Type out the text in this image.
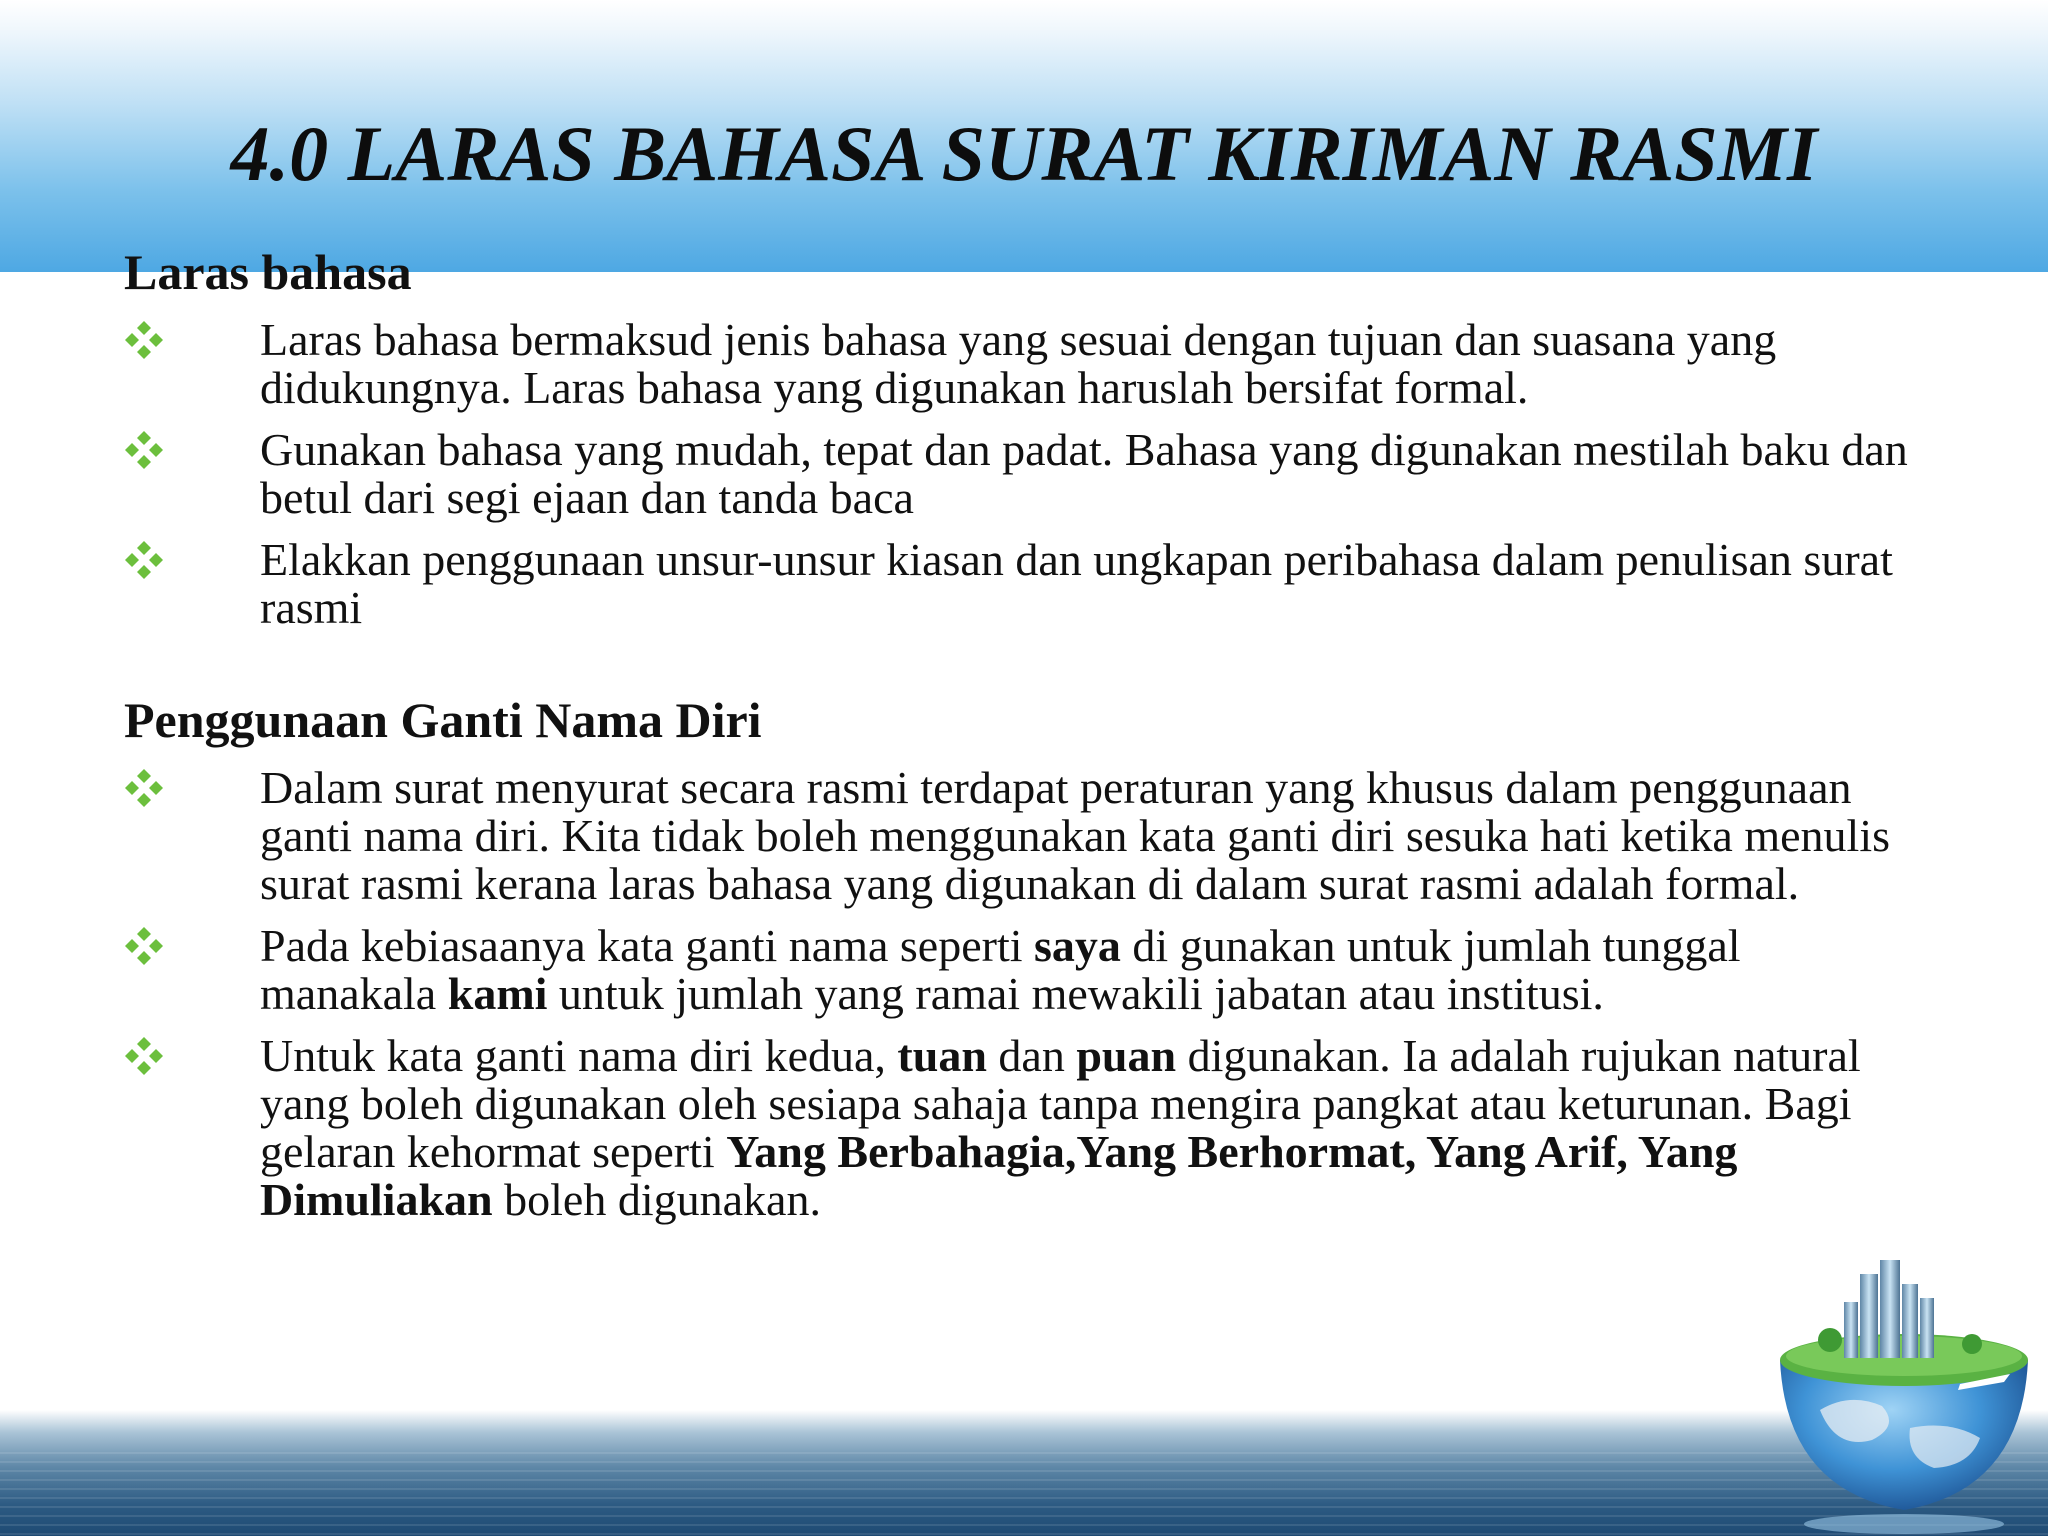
4.0 LARAS BAHASA SURAT KIRIMAN RASMI
Laras bahasa
Laras bahasa bermaksud jenis bahasa yang sesuai dengan tujuan dan suasana yang didukungnya. Laras bahasa yang digunakan haruslah bersifat formal.
Gunakan bahasa yang mudah, tepat dan padat. Bahasa yang digunakan mestilah baku dan betul dari segi ejaan dan tanda baca
Elakkan penggunaan unsur-unsur kiasan dan ungkapan peribahasa dalam penulisan surat rasmi
Penggunaan Ganti Nama Diri
Dalam surat menyurat secara rasmi terdapat peraturan yang khusus dalam penggunaan ganti nama diri. Kita tidak boleh menggunakan kata ganti diri sesuka hati ketika menulis surat rasmi kerana laras bahasa yang digunakan di dalam surat rasmi adalah formal.
Pada kebiasaanya kata ganti nama seperti saya di gunakan untuk jumlah tunggal manakala kami untuk jumlah yang ramai mewakili jabatan atau institusi.
Untuk kata ganti nama diri kedua, tuan dan puan digunakan. Ia adalah rujukan natural yang boleh digunakan oleh sesiapa sahaja tanpa mengira pangkat atau keturunan. Bagi gelaran kehormat seperti Yang Berbahagia,Yang Berhormat, Yang Arif, Yang Dimuliakan boleh digunakan.
